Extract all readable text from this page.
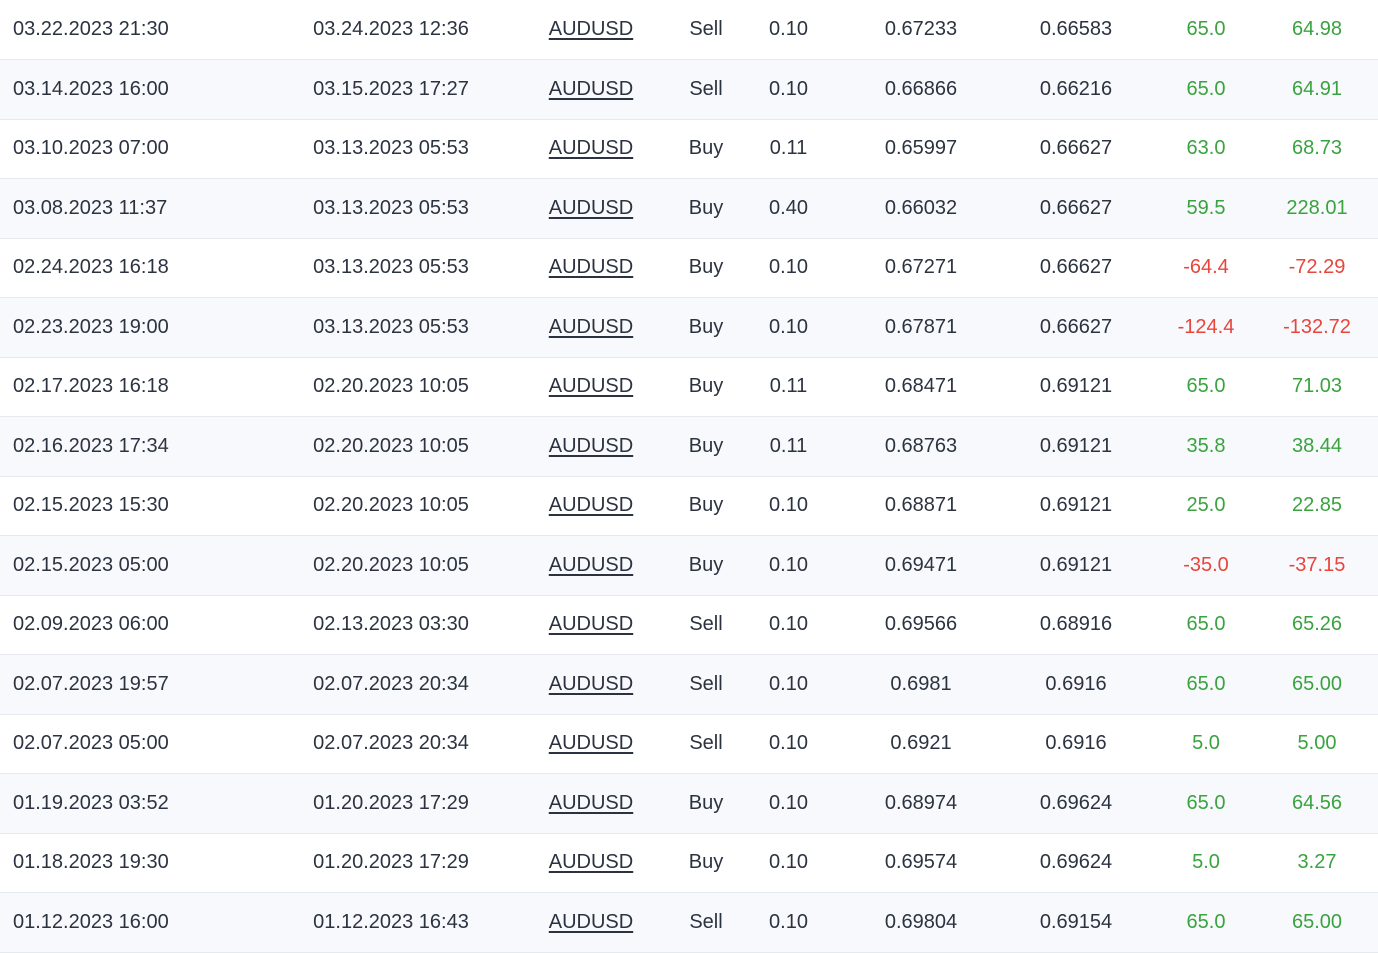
03.22.2023 21:30	03.24.2023 12:36	AUDUSD	Sell	0.10	0.67233	0.66583	65.0	64.98
03.14.2023 16:00	03.15.2023 17:27	AUDUSD	Sell	0.10	0.66866	0.66216	65.0	64.91
03.10.2023 07:00	03.13.2023 05:53	AUDUSD	Buy	0.11	0.65997	0.66627	63.0	68.73
03.08.2023 11:37	03.13.2023 05:53	AUDUSD	Buy	0.40	0.66032	0.66627	59.5	228.01
02.24.2023 16:18	03.13.2023 05:53	AUDUSD	Buy	0.10	0.67271	0.66627	-64.4	-72.29
02.23.2023 19:00	03.13.2023 05:53	AUDUSD	Buy	0.10	0.67871	0.66627	-124.4	-132.72
02.17.2023 16:18	02.20.2023 10:05	AUDUSD	Buy	0.11	0.68471	0.69121	65.0	71.03
02.16.2023 17:34	02.20.2023 10:05	AUDUSD	Buy	0.11	0.68763	0.69121	35.8	38.44
02.15.2023 15:30	02.20.2023 10:05	AUDUSD	Buy	0.10	0.68871	0.69121	25.0	22.85
02.15.2023 05:00	02.20.2023 10:05	AUDUSD	Buy	0.10	0.69471	0.69121	-35.0	-37.15
02.09.2023 06:00	02.13.2023 03:30	AUDUSD	Sell	0.10	0.69566	0.68916	65.0	65.26
02.07.2023 19:57	02.07.2023 20:34	AUDUSD	Sell	0.10	0.6981	0.6916	65.0	65.00
02.07.2023 05:00	02.07.2023 20:34	AUDUSD	Sell	0.10	0.6921	0.6916	5.0	5.00
01.19.2023 03:52	01.20.2023 17:29	AUDUSD	Buy	0.10	0.68974	0.69624	65.0	64.56
01.18.2023 19:30	01.20.2023 17:29	AUDUSD	Buy	0.10	0.69574	0.69624	5.0	3.27
01.12.2023 16:00	01.12.2023 16:43	AUDUSD	Sell	0.10	0.69804	0.69154	65.0	65.00
